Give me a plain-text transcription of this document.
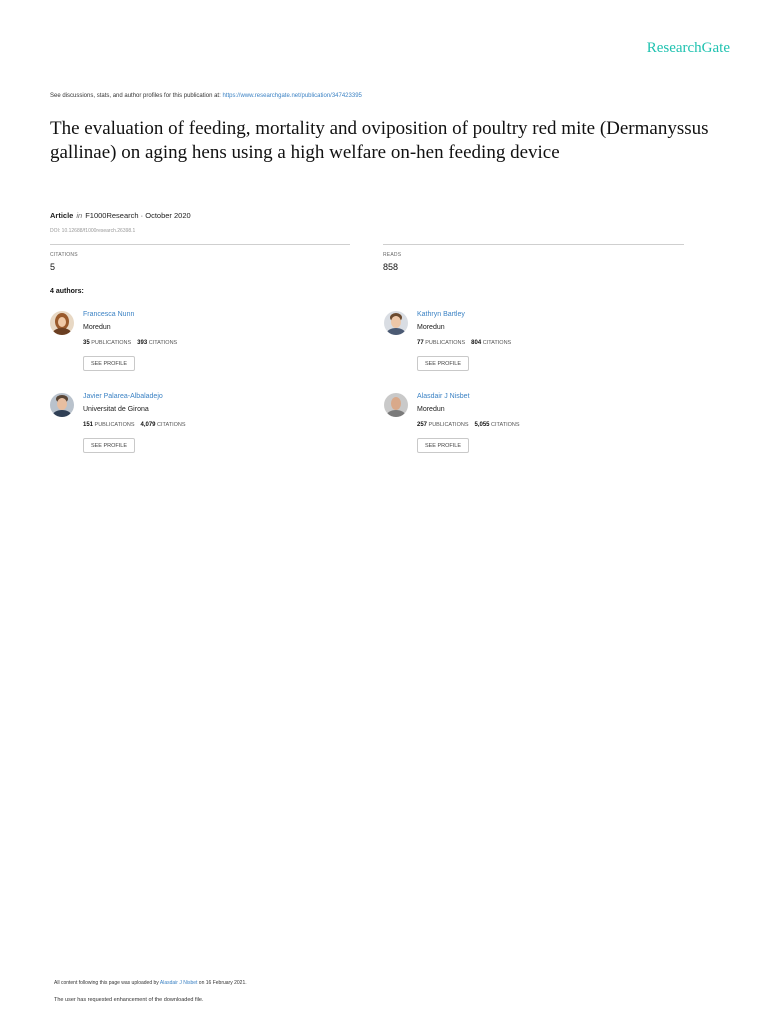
ResearchGate
See discussions, stats, and author profiles for this publication at: https://www.researchgate.net/publication/347423395
The evaluation of feeding, mortality and oviposition of poultry red mite (Dermanyssus gallinae) on aging hens using a high welfare on-hen feeding device
Article in F1000Research · October 2020
DOI: 10.12688/f1000research.26398.1
CITATIONS
5
READS
858
4 authors:
Francesca Nunn
Moredun
35 PUBLICATIONS 393 CITATIONS
SEE PROFILE
Kathryn Bartley
Moredun
77 PUBLICATIONS 804 CITATIONS
SEE PROFILE
Javier Palarea-Albaladejo
Universitat de Girona
151 PUBLICATIONS 4,079 CITATIONS
SEE PROFILE
Alasdair J Nisbet
Moredun
257 PUBLICATIONS 5,055 CITATIONS
SEE PROFILE
All content following this page was uploaded by Alasdair J Nisbet on 16 February 2021.
The user has requested enhancement of the downloaded file.
